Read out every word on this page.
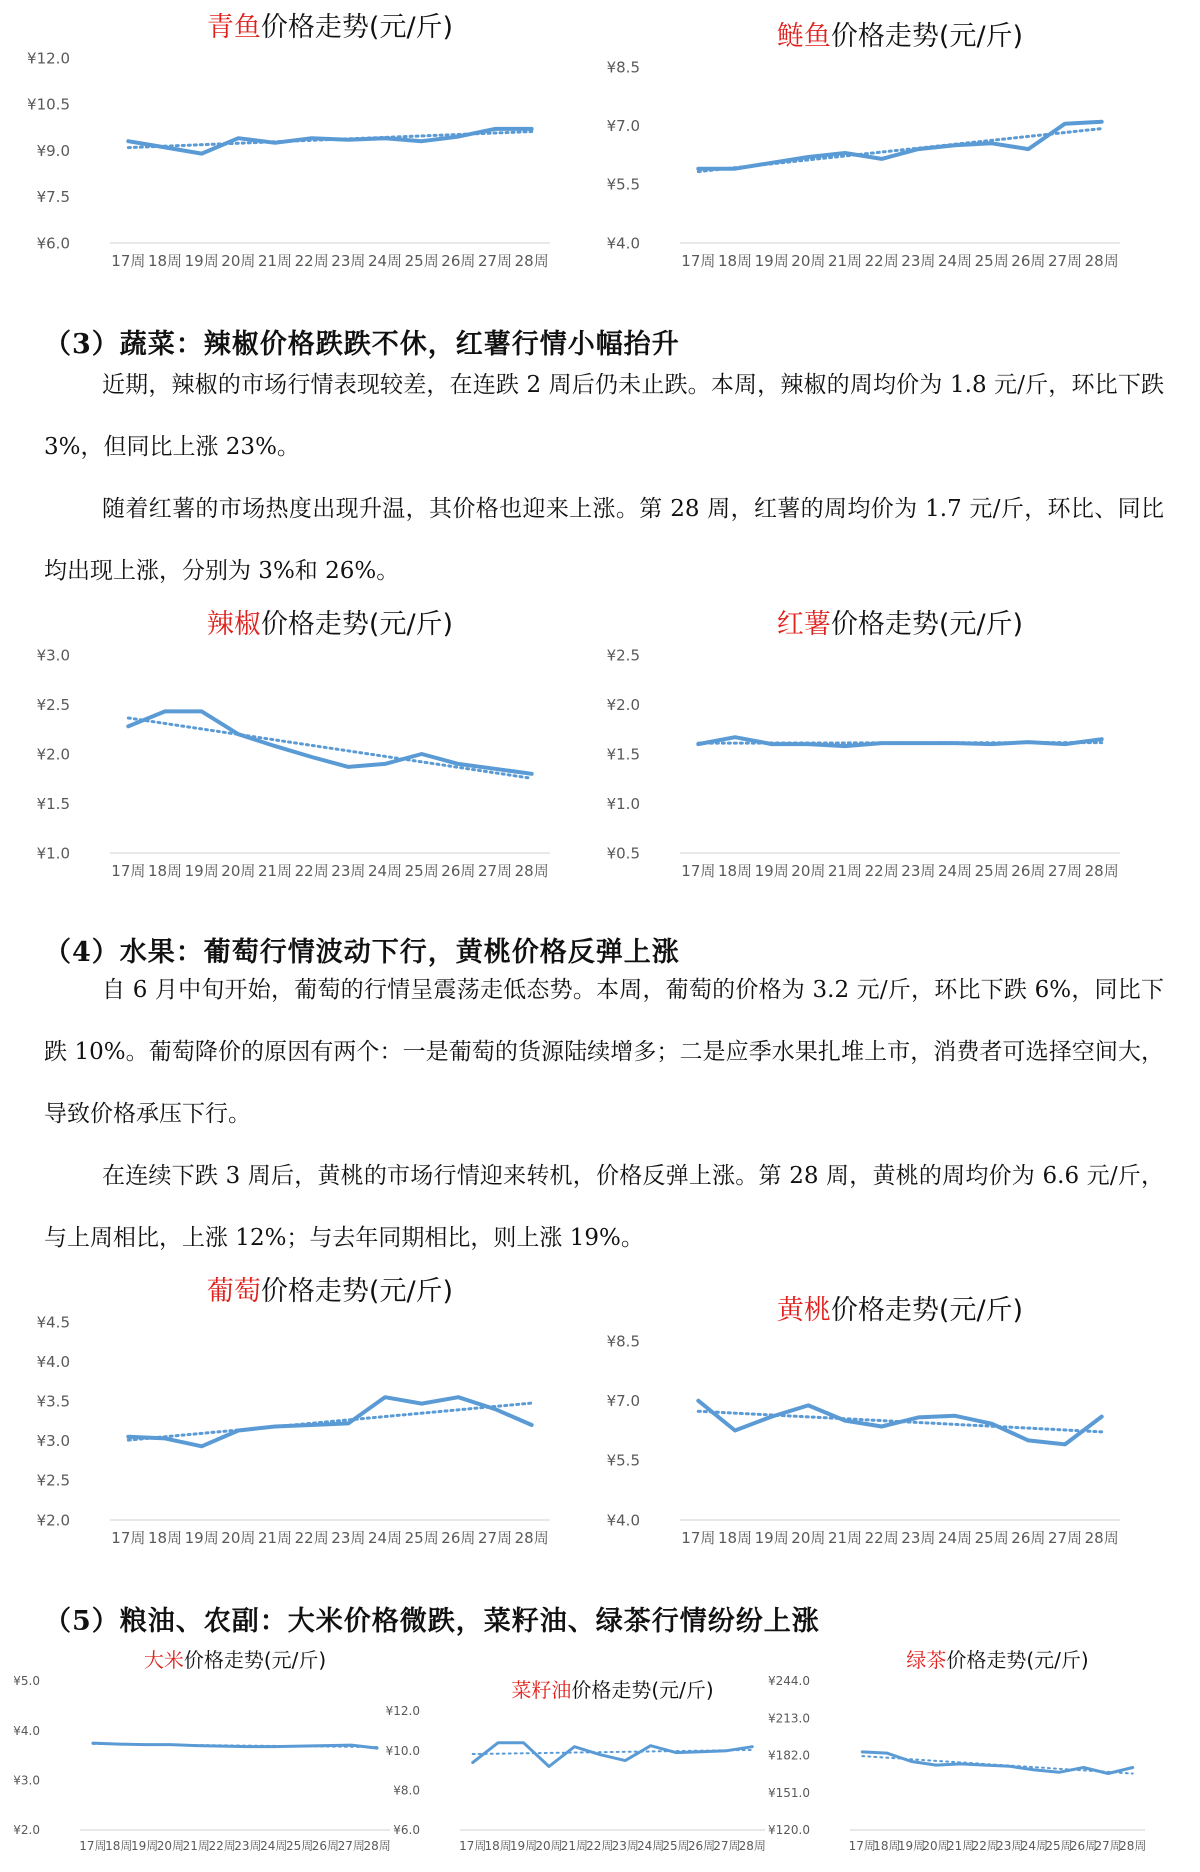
青鱼价格走势(元/斤)
¥6.0
¥7.5
¥9.0
¥10.5
¥12.0
17周 18周 19周 20周 21周 22周 23周 24周 25周 26周 27周 28周
鲢鱼价格走势(元/斤)
¥4.0
¥5.5
¥7.0
¥8.5
17周 18周 19周 20周 21周 22周 23周 24周 25周 26周 27周 28周
（3）蔬菜：辣椒价格跌跌不休，红薯行情小幅抬升

近期，辣椒的市场行情表现较差，在连跌 2 周后仍未止跌。本周，辣椒的周均价为 1.8 元/斤，环比下跌 3%，但同比上涨 23%。

随着红薯的市场热度出现升温，其价格也迎来上涨。第 28 周，红薯的周均价为 1.7 元/斤，环比、同比均出现上涨，分别为 3%和 26%。

辣椒价格走势(元/斤)
¥1.0
¥1.5
¥2.0
¥2.5
¥3.0
17周 18周 19周 20周 21周 22周 23周 24周 25周 26周 27周 28周
红薯价格走势(元/斤)
¥0.5
¥1.0
¥1.5
¥2.0
¥2.5
17周 18周 19周 20周 21周 22周 23周 24周 25周 26周 27周 28周
（4）水果：葡萄行情波动下行，黄桃价格反弹上涨

自 6 月中旬开始，葡萄的行情呈震荡走低态势。本周，葡萄的价格为 3.2 元/斤，环比下跌 6%，同比下跌 10%。葡萄降价的原因有两个：一是葡萄的货源陆续增多；二是应季水果扎堆上市，消费者可选择空间大，导致价格承压下行。

在连续下跌 3 周后，黄桃的市场行情迎来转机，价格反弹上涨。第 28 周，黄桃的周均价为 6.6 元/斤，与上周相比，上涨 12%；与去年同期相比，则上涨 19%。

葡萄价格走势(元/斤)
¥2.0
¥2.5
¥3.0
¥3.5
¥4.0
¥4.5
17周 18周 19周 20周 21周 22周 23周 24周 25周 26周 27周 28周
黄桃价格走势(元/斤)
¥4.0
¥5.5
¥7.0
¥8.5
17周 18周 19周 20周 21周 22周 23周 24周 25周 26周 27周 28周
（5）粮油、农副：大米价格微跌，菜籽油、绿茶行情纷纷上涨
大米价格走势(元/斤)
¥2.0
¥3.0
¥4.0
¥5.0
17周
18周
19周
20周
21周
22周
23周
24周
25周
26周
27周
28周
菜籽油价格走势(元/斤)
¥6.0
¥8.0
¥10.0
¥12.0
17周
18周
19周
20周
21周
22周
23周
24周
25周
26周
27周
28周
绿茶价格走势(元/斤)
¥120.0
¥151.0
¥182.0
¥213.0
¥244.0
17周
18周
19周
20周
21周
22周
23周
24周
25周
26周
27周
28周
